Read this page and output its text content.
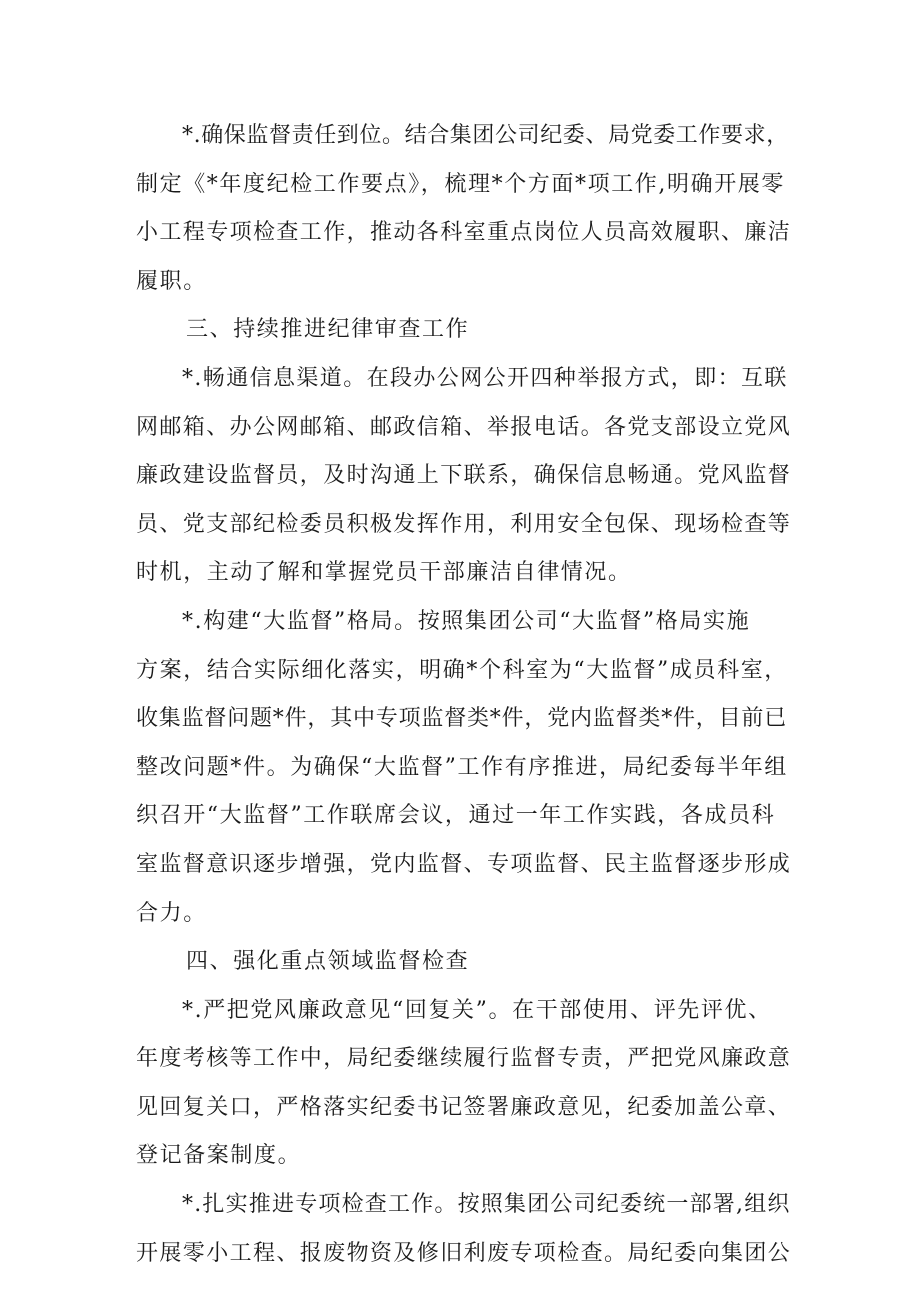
*.确保监督责任到位。结合集团公司纪委、局党委工作要求，
制定《*年度纪检工作要点》，梳理*个方面*项工作,明确开展零
小工程专项检查工作，推动各科室重点岗位人员高效履职、廉洁
履职。
三、持续推进纪律审查工作
*.畅通信息渠道。在段办公网公开四种举报方式，即：互联
网邮箱、办公网邮箱、邮政信箱、举报电话。各党支部设立党风
廉政建设监督员，及时沟通上下联系，确保信息畅通。党风监督
员、党支部纪检委员积极发挥作用，利用安全包保、现场检查等
时机，主动了解和掌握党员干部廉洁自律情况。
*.构建“大监督”格局。按照集团公司“大监督”格局实施
方案，结合实际细化落实，明确*个科室为“大监督”成员科室，
收集监督问题*件，其中专项监督类*件，党内监督类*件，目前已
整改问题*件。为确保“大监督”工作有序推进，局纪委每半年组
织召开“大监督”工作联席会议，通过一年工作实践，各成员科
室监督意识逐步增强，党内监督、专项监督、民主监督逐步形成
合力。
四、强化重点领域监督检查
*.严把党风廉政意见“回复关”。在干部使用、评先评优、
年度考核等工作中，局纪委继续履行监督专责，严把党风廉政意
见回复关口，严格落实纪委书记签署廉政意见，纪委加盖公章、
登记备案制度。
*.扎实推进专项检查工作。按照集团公司纪委统一部署,组织
开展零小工程、报废物资及修旧利废专项检查。局纪委向集团公
